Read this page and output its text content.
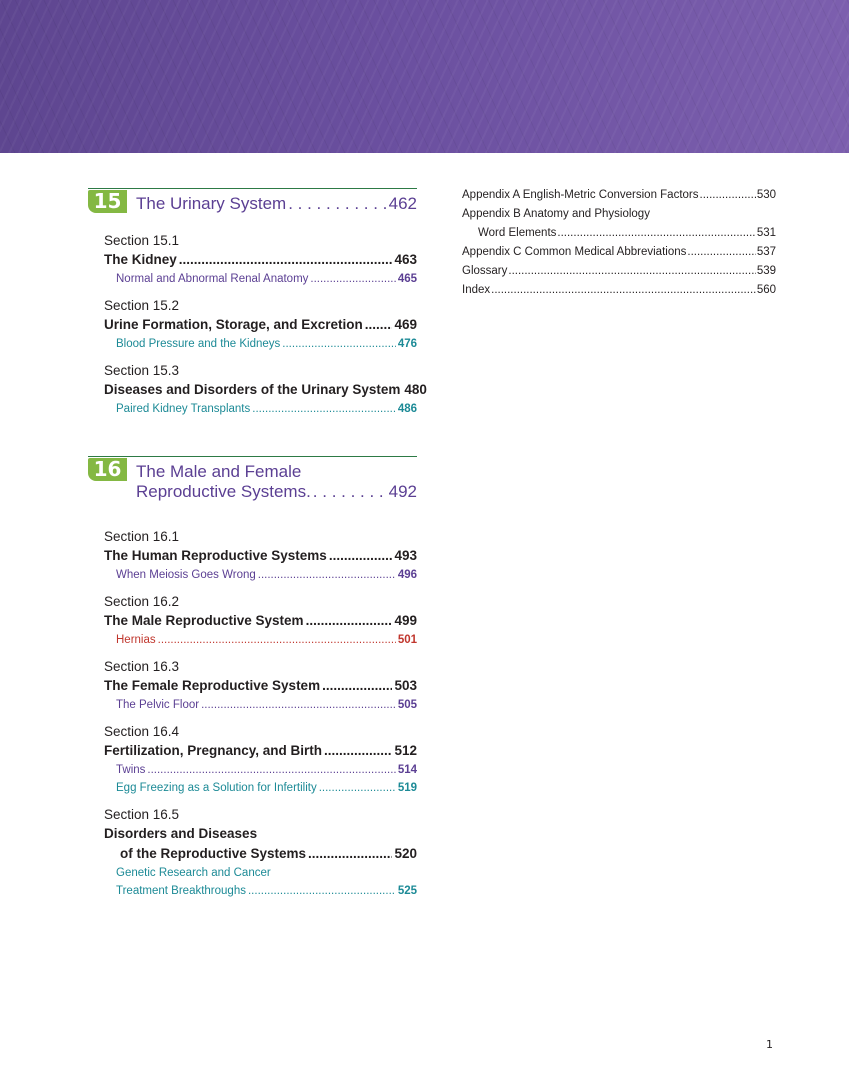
15 The Urinary System . . .	462
Section 15.1
The Kidney .....	463
Normal and Abnormal Renal Anatomy .....	465
Section 15.2
Urine Formation, Storage, and Excretion ..... 469
Blood Pressure and the Kidneys .....	476
Section 15.3
Diseases and Disorders of the Urinary System 480
Paired Kidney Transplants .....	486
16 The Male and Female
Reproductive Systems. . . .	492
Section 16.1
The Human Reproductive Systems .....	493
When Meiosis Goes Wrong .....	496
Section 16.2
The Male Reproductive System .....	499
Hernias .....	501
Section 16.3
The Female Reproductive System .....	503
The Pelvic Floor .....	505
Section 16.4
Fertilization, Pregnancy, and Birth .....	512
Twins .....	514
Egg Freezing as a Solution for Infertility .....	519
Section 16.5
Disorders and Diseases
of the Reproductive Systems .....	520
Genetic Research and Cancer
Treatment Breakthroughs .....	525
Appendix A English-Metric Conversion Factors .....	530
Appendix B Anatomy and Physiology
Word Elements .....	531
Appendix C Common Medical Abbreviations .....	537
Glossary .....	539
Index .....	560
1
